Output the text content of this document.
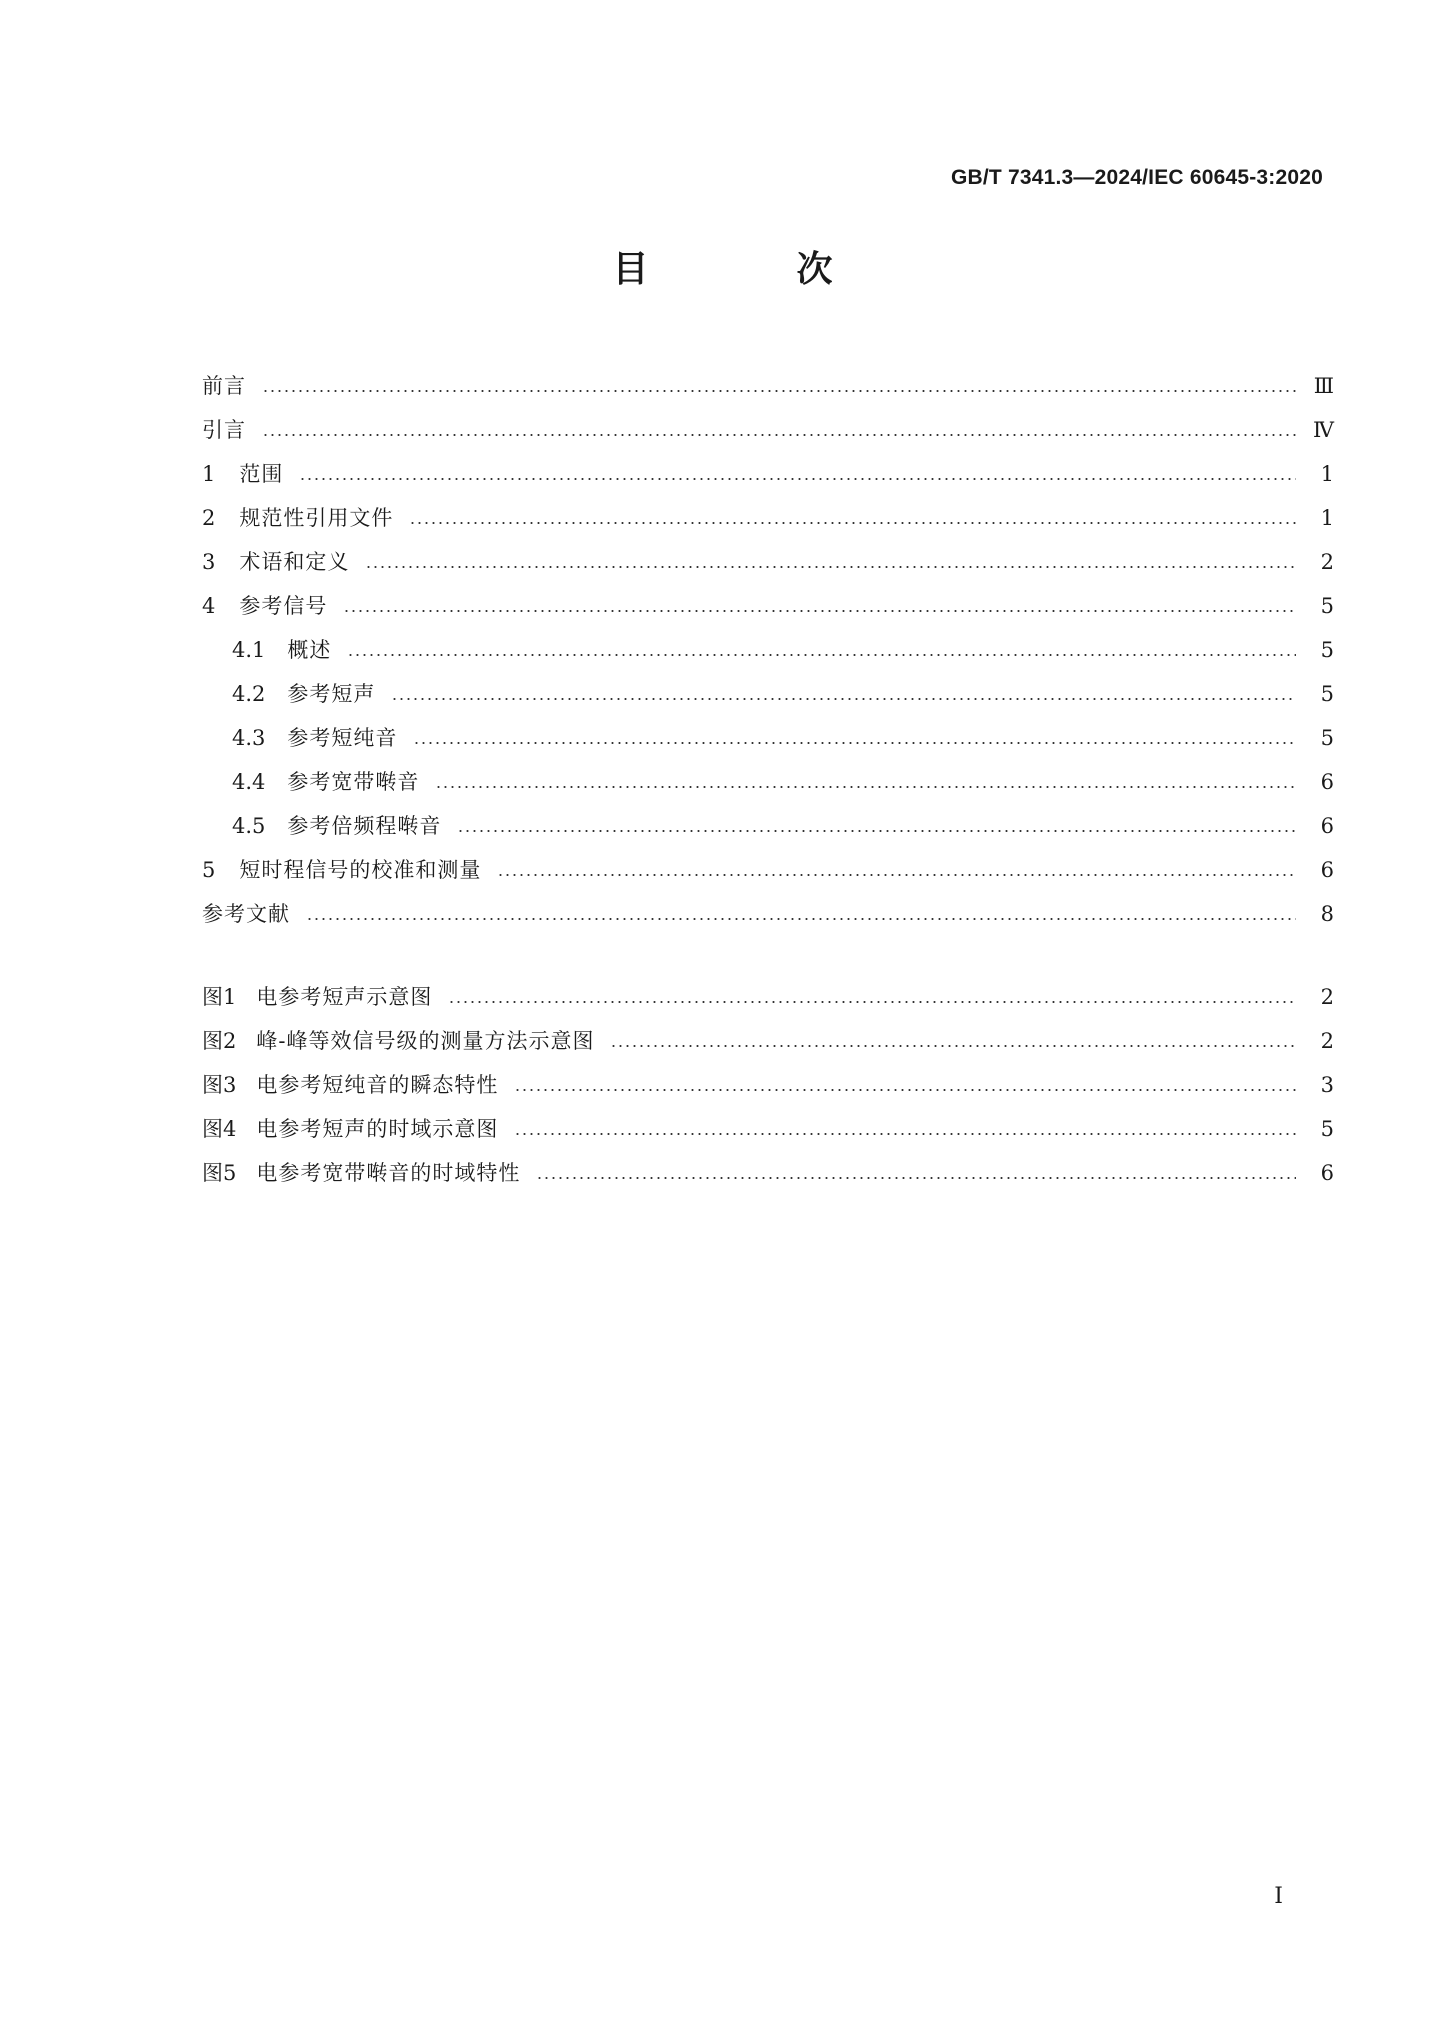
GB/T 7341.3—2024/IEC 60645-3:2020
目　次
前言	Ⅲ
引言	Ⅳ
1 范围	1
2 规范性引用文件	1
3 术语和定义	2
4 参考信号	5
4.1 概述	5
4.2 参考短声	5
4.3 参考短纯音	5
4.4 参考宽带啭音	6
4.5 参考倍频程啭音	6
5 短时程信号的校准和测量	6
参考文献	8
图1 电参考短声示意图	2
图2 峰-峰等效信号级的测量方法示意图	2
图3 电参考短纯音的瞬态特性	3
图4 电参考短声的时域示意图	5
图5 电参考宽带啭音的时域特性	6
Ⅰ
